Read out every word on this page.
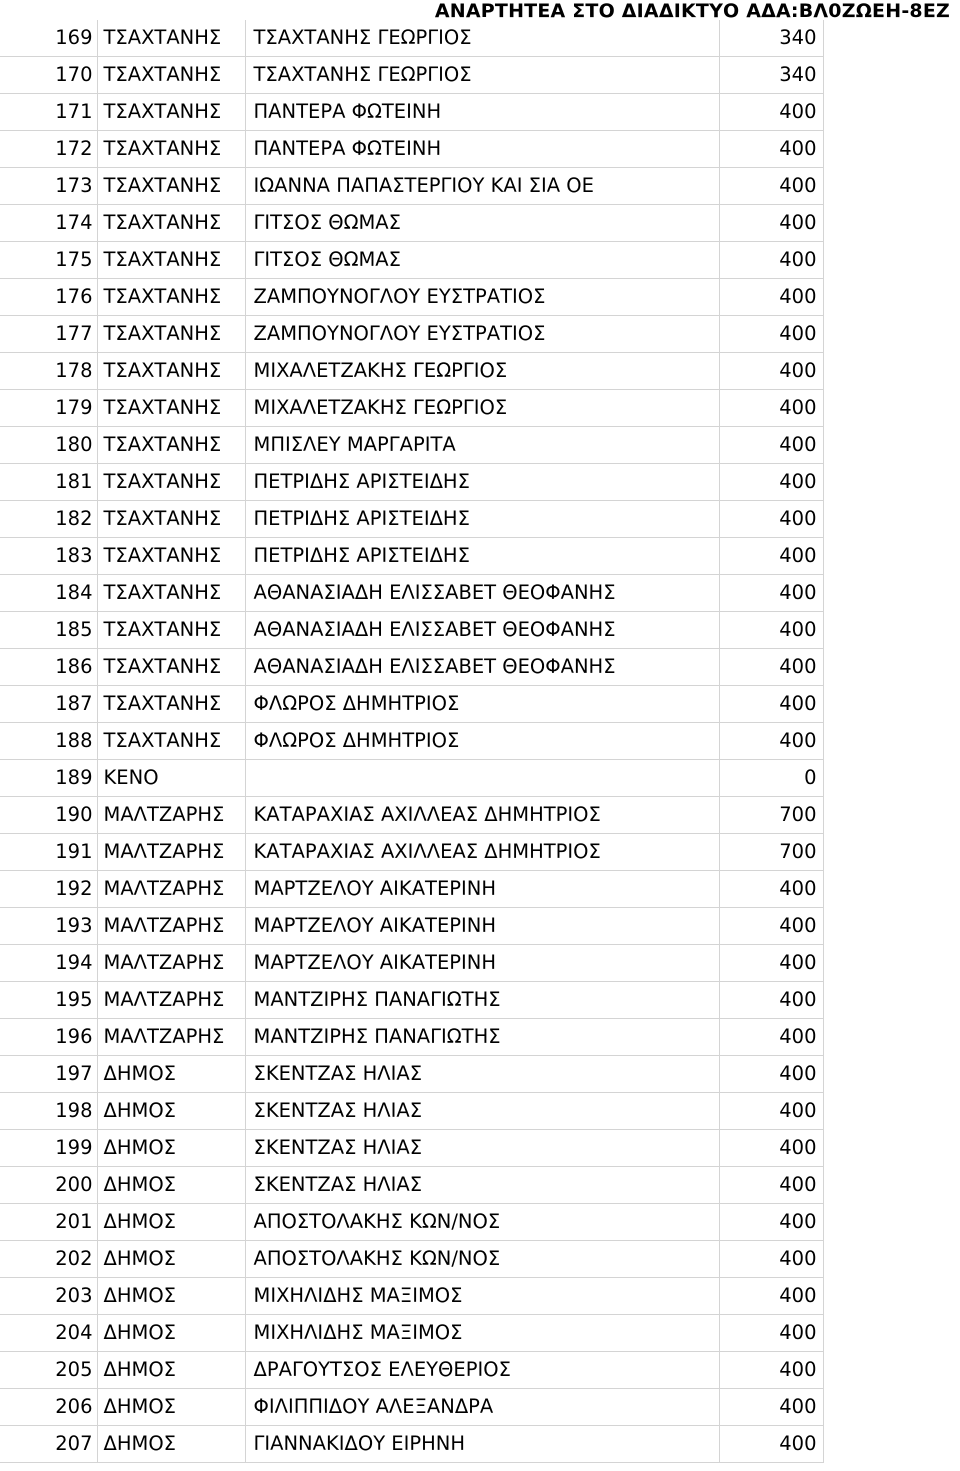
ΑΝΑΡΤΗΤΕΑ ΣΤΟ ΔΙΑΔΙΚΤΥΟ ΑΔΑ:ΒΛ0ΖΩΕΗ-8ΕΖ
169	ΤΣΑΧΤΑΝΗΣ	ΤΣΑΧΤΑΝΗΣ ΓΕΩΡΓΙΟΣ	340
170	ΤΣΑΧΤΑΝΗΣ	ΤΣΑΧΤΑΝΗΣ ΓΕΩΡΓΙΟΣ	340
171	ΤΣΑΧΤΑΝΗΣ	ΠΑΝΤΕΡΑ ΦΩΤΕΙΝΗ	400
172	ΤΣΑΧΤΑΝΗΣ	ΠΑΝΤΕΡΑ ΦΩΤΕΙΝΗ	400
173	ΤΣΑΧΤΑΝΗΣ	ΙΩΑΝΝΑ ΠΑΠΑΣΤΕΡΓΙΟΥ ΚΑΙ ΣΙΑ ΟΕ	400
174	ΤΣΑΧΤΑΝΗΣ	ΓΙΤΣΟΣ ΘΩΜΑΣ	400
175	ΤΣΑΧΤΑΝΗΣ	ΓΙΤΣΟΣ ΘΩΜΑΣ	400
176	ΤΣΑΧΤΑΝΗΣ	ΖΑΜΠΟΥΝΟΓΛΟΥ ΕΥΣΤΡΑΤΙΟΣ	400
177	ΤΣΑΧΤΑΝΗΣ	ΖΑΜΠΟΥΝΟΓΛΟΥ ΕΥΣΤΡΑΤΙΟΣ	400
178	ΤΣΑΧΤΑΝΗΣ	ΜΙΧΑΛΕΤΖΑΚΗΣ ΓΕΩΡΓΙΟΣ	400
179	ΤΣΑΧΤΑΝΗΣ	ΜΙΧΑΛΕΤΖΑΚΗΣ ΓΕΩΡΓΙΟΣ	400
180	ΤΣΑΧΤΑΝΗΣ	ΜΠΙΣΛΕΥ ΜΑΡΓΑΡΙΤΑ	400
181	ΤΣΑΧΤΑΝΗΣ	ΠΕΤΡΙΔΗΣ ΑΡΙΣΤΕΙΔΗΣ	400
182	ΤΣΑΧΤΑΝΗΣ	ΠΕΤΡΙΔΗΣ ΑΡΙΣΤΕΙΔΗΣ	400
183	ΤΣΑΧΤΑΝΗΣ	ΠΕΤΡΙΔΗΣ ΑΡΙΣΤΕΙΔΗΣ	400
184	ΤΣΑΧΤΑΝΗΣ	ΑΘΑΝΑΣΙΑΔΗ ΕΛΙΣΣΑΒΕΤ ΘΕΟΦΑΝΗΣ	400
185	ΤΣΑΧΤΑΝΗΣ	ΑΘΑΝΑΣΙΑΔΗ ΕΛΙΣΣΑΒΕΤ ΘΕΟΦΑΝΗΣ	400
186	ΤΣΑΧΤΑΝΗΣ	ΑΘΑΝΑΣΙΑΔΗ ΕΛΙΣΣΑΒΕΤ ΘΕΟΦΑΝΗΣ	400
187	ΤΣΑΧΤΑΝΗΣ	ΦΛΩΡΟΣ ΔΗΜΗΤΡΙΟΣ	400
188	ΤΣΑΧΤΑΝΗΣ	ΦΛΩΡΟΣ ΔΗΜΗΤΡΙΟΣ	400
189	ΚΕΝΟ		0
190	ΜΑΛΤΖΑΡΗΣ	ΚΑΤΑΡΑΧΙΑΣ ΑΧΙΛΛΕΑΣ ΔΗΜΗΤΡΙΟΣ	700
191	ΜΑΛΤΖΑΡΗΣ	ΚΑΤΑΡΑΧΙΑΣ ΑΧΙΛΛΕΑΣ ΔΗΜΗΤΡΙΟΣ	700
192	ΜΑΛΤΖΑΡΗΣ	ΜΑΡΤΖΕΛΟΥ ΑΙΚΑΤΕΡΙΝΗ	400
193	ΜΑΛΤΖΑΡΗΣ	ΜΑΡΤΖΕΛΟΥ ΑΙΚΑΤΕΡΙΝΗ	400
194	ΜΑΛΤΖΑΡΗΣ	ΜΑΡΤΖΕΛΟΥ ΑΙΚΑΤΕΡΙΝΗ	400
195	ΜΑΛΤΖΑΡΗΣ	ΜΑΝΤΖΙΡΗΣ ΠΑΝΑΓΙΩΤΗΣ	400
196	ΜΑΛΤΖΑΡΗΣ	ΜΑΝΤΖΙΡΗΣ ΠΑΝΑΓΙΩΤΗΣ	400
197	ΔΗΜΟΣ	ΣΚΕΝΤΖΑΣ ΗΛΙΑΣ	400
198	ΔΗΜΟΣ	ΣΚΕΝΤΖΑΣ ΗΛΙΑΣ	400
199	ΔΗΜΟΣ	ΣΚΕΝΤΖΑΣ ΗΛΙΑΣ	400
200	ΔΗΜΟΣ	ΣΚΕΝΤΖΑΣ ΗΛΙΑΣ	400
201	ΔΗΜΟΣ	ΑΠΟΣΤΟΛΑΚΗΣ ΚΩΝ/ΝΟΣ	400
202	ΔΗΜΟΣ	ΑΠΟΣΤΟΛΑΚΗΣ ΚΩΝ/ΝΟΣ	400
203	ΔΗΜΟΣ	ΜΙΧΗΛΙΔΗΣ ΜΑΞΙΜΟΣ	400
204	ΔΗΜΟΣ	ΜΙΧΗΛΙΔΗΣ ΜΑΞΙΜΟΣ	400
205	ΔΗΜΟΣ	ΔΡΑΓΟΥΤΣΟΣ ΕΛΕΥΘΕΡΙΟΣ	400
206	ΔΗΜΟΣ	ΦΙΛΙΠΠΙΔΟΥ ΑΛΕΞΑΝΔΡΑ	400
207	ΔΗΜΟΣ	ΓΙΑΝΝΑΚΙΔΟΥ ΕΙΡΗΝΗ	400
